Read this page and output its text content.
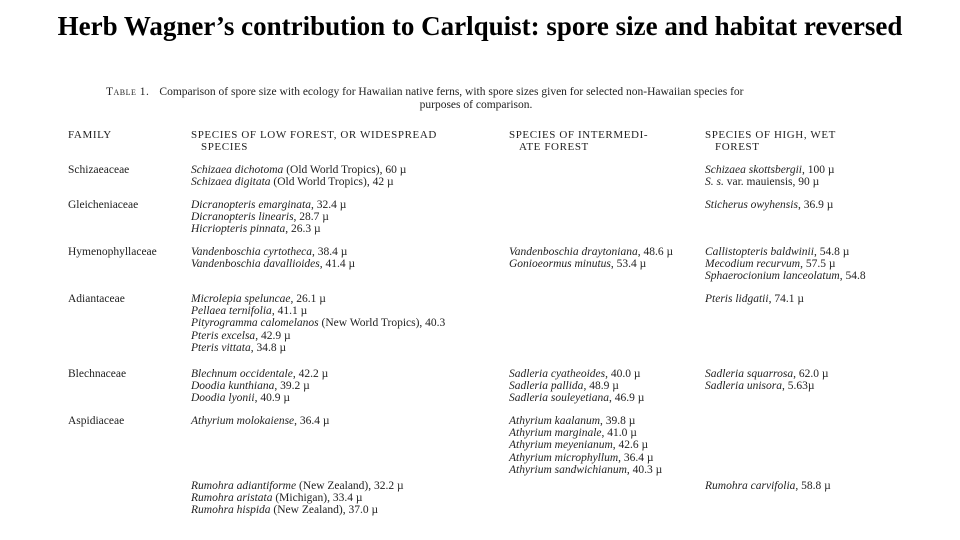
Herb Wagner’s contribution to Carlquist: spore size and habitat reversed
Table 1. Comparison of spore size with ecology for Hawaiian native ferns, with spore sizes given for selected non-Hawaiian species for
purposes of comparison.
FAMILY	SPECIES OF LOW FOREST, OR WIDESPREAD
SPECIES
SPECIES OF INTERMEDI-
ATE FOREST
SPECIES OF HIGH, WET
FOREST
Schizaeaceae
Gleicheniaceae
Hymenophyllaceae
Adiantaceae
Blechnaceae
Aspidiaceae
Schizaea dichotoma (Old World Tropics), 60 µ
Schizaea digitata (Old World Tropics), 42 µ
Dicranopteris emarginata, 32.4 µ
Dicranopteris linearis, 28.7 µ
Hicriopteris pinnata, 26.3 µ
Vandenboschia cyrtotheca, 38.4 µ
Vandenboschia davallioides, 41.4 µ
Microlepia speluncae, 26.1 µ
Pellaea ternifolia, 41.1 µ
Pityrogramma calomelanos (New World Tropics), 40.3
Pteris excelsa, 42.9 µ
Pteris vittata, 34.8 µ
Blechnum occidentale, 42.2 µ
Doodia kunthiana, 39.2 µ
Doodia lyonii, 40.9 µ
Athyrium molokaiense, 36.4 µ
Rumohra adiantiforme (New Zealand), 32.2 µ
Rumohra aristata (Michigan), 33.4 µ
Rumohra hispida (New Zealand), 37.0 µ
Vandenboschia draytoniana, 48.6 µ
Gonioeormus minutus, 53.4 µ
Sadleria cyatheoides, 40.0 µ
Sadleria pallida, 48.9 µ
Sadleria souleyetiana, 46.9 µ
Athyrium kaalanum, 39.8 µ
Athyrium marginale, 41.0 µ
Athyrium meyenianum, 42.6 µ
Athyrium microphyllum, 36.4 µ
Athyrium sandwichianum, 40.3 µ
Schizaea skottsbergii, 100 µ
S. s. var. mauiensis, 90 µ
Sticherus owyhensis, 36.9 µ
Callistopteris baldwinii, 54.8 µ
Mecodium recurvum, 57.5 µ
Sphaerocionium lanceolatum, 54.8
Pteris lidgatii, 74.1 µ
Sadleria squarrosa, 62.0 µ
Sadleria unisora, 5.63µ
Rumohra carvifolia, 58.8 µ
